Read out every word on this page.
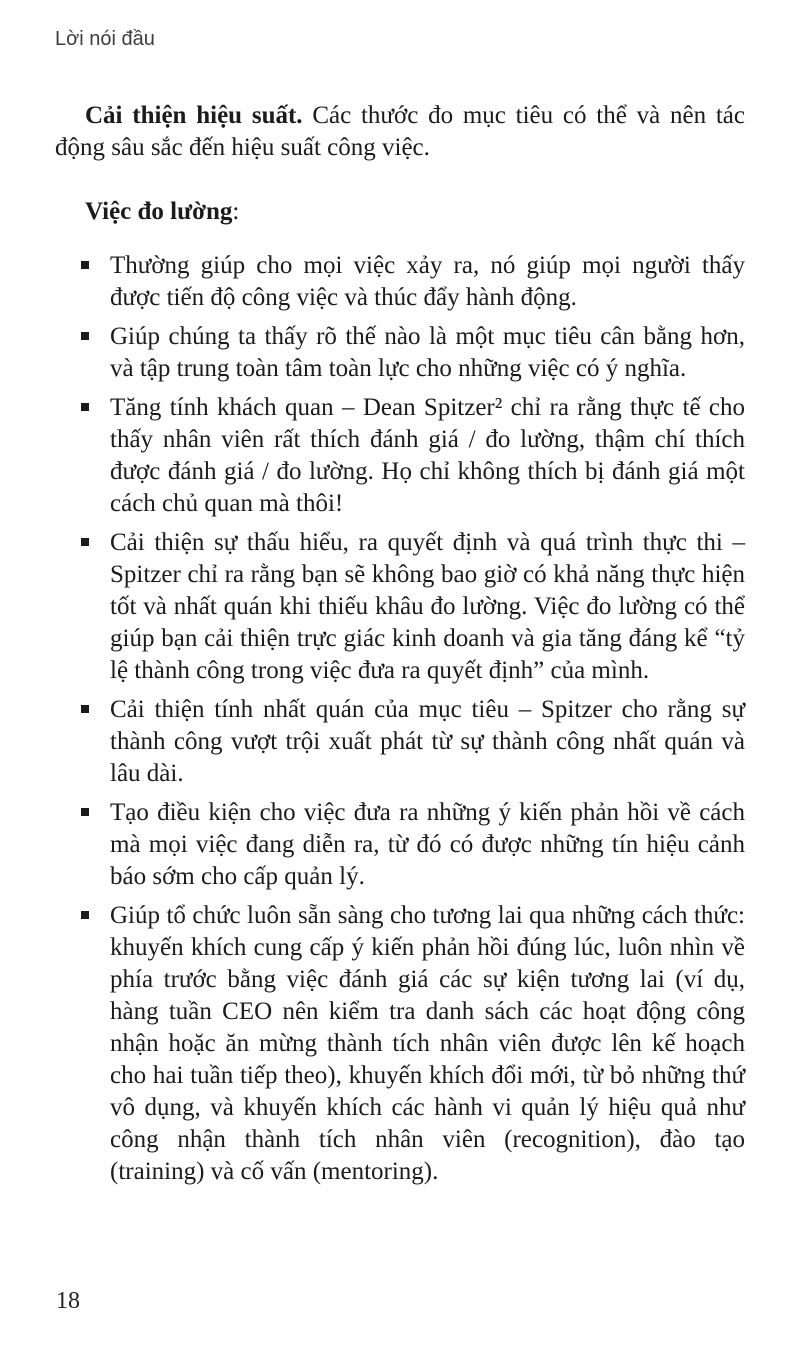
Lời nói đầu

Cải thiện hiệu suất. Các thước đo mục tiêu có thể và nên tác động sâu sắc đến hiệu suất công việc.

Việc đo lường:

Thường giúp cho mọi việc xảy ra, nó giúp mọi người thấy được tiến độ công việc và thúc đẩy hành động.
Giúp chúng ta thấy rõ thế nào là một mục tiêu cân bằng hơn, và tập trung toàn tâm toàn lực cho những việc có ý nghĩa.
Tăng tính khách quan – Dean Spitzer² chỉ ra rằng thực tế cho thấy nhân viên rất thích đánh giá / đo lường, thậm chí thích được đánh giá / đo lường. Họ chỉ không thích bị đánh giá một cách chủ quan mà thôi!
Cải thiện sự thấu hiểu, ra quyết định và quá trình thực thi – Spitzer chỉ ra rằng bạn sẽ không bao giờ có khả năng thực hiện tốt và nhất quán khi thiếu khâu đo lường. Việc đo lường có thể giúp bạn cải thiện trực giác kinh doanh và gia tăng đáng kể “tỷ lệ thành công trong việc đưa ra quyết định” của mình.
Cải thiện tính nhất quán của mục tiêu – Spitzer cho rằng sự thành công vượt trội xuất phát từ sự thành công nhất quán và lâu dài.
Tạo điều kiện cho việc đưa ra những ý kiến phản hồi về cách mà mọi việc đang diễn ra, từ đó có được những tín hiệu cảnh báo sớm cho cấp quản lý.
Giúp tổ chức luôn sẵn sàng cho tương lai qua những cách thức: khuyến khích cung cấp ý kiến phản hồi đúng lúc, luôn nhìn về phía trước bằng việc đánh giá các sự kiện tương lai (ví dụ, hàng tuần CEO nên kiểm tra danh sách các hoạt động công nhận hoặc ăn mừng thành tích nhân viên được lên kế hoạch cho hai tuần tiếp theo), khuyến khích đổi mới, từ bỏ những thứ vô dụng, và khuyến khích các hành vi quản lý hiệu quả như công nhận thành tích nhân viên (recognition), đào tạo (training) và cố vấn (mentoring).
18
